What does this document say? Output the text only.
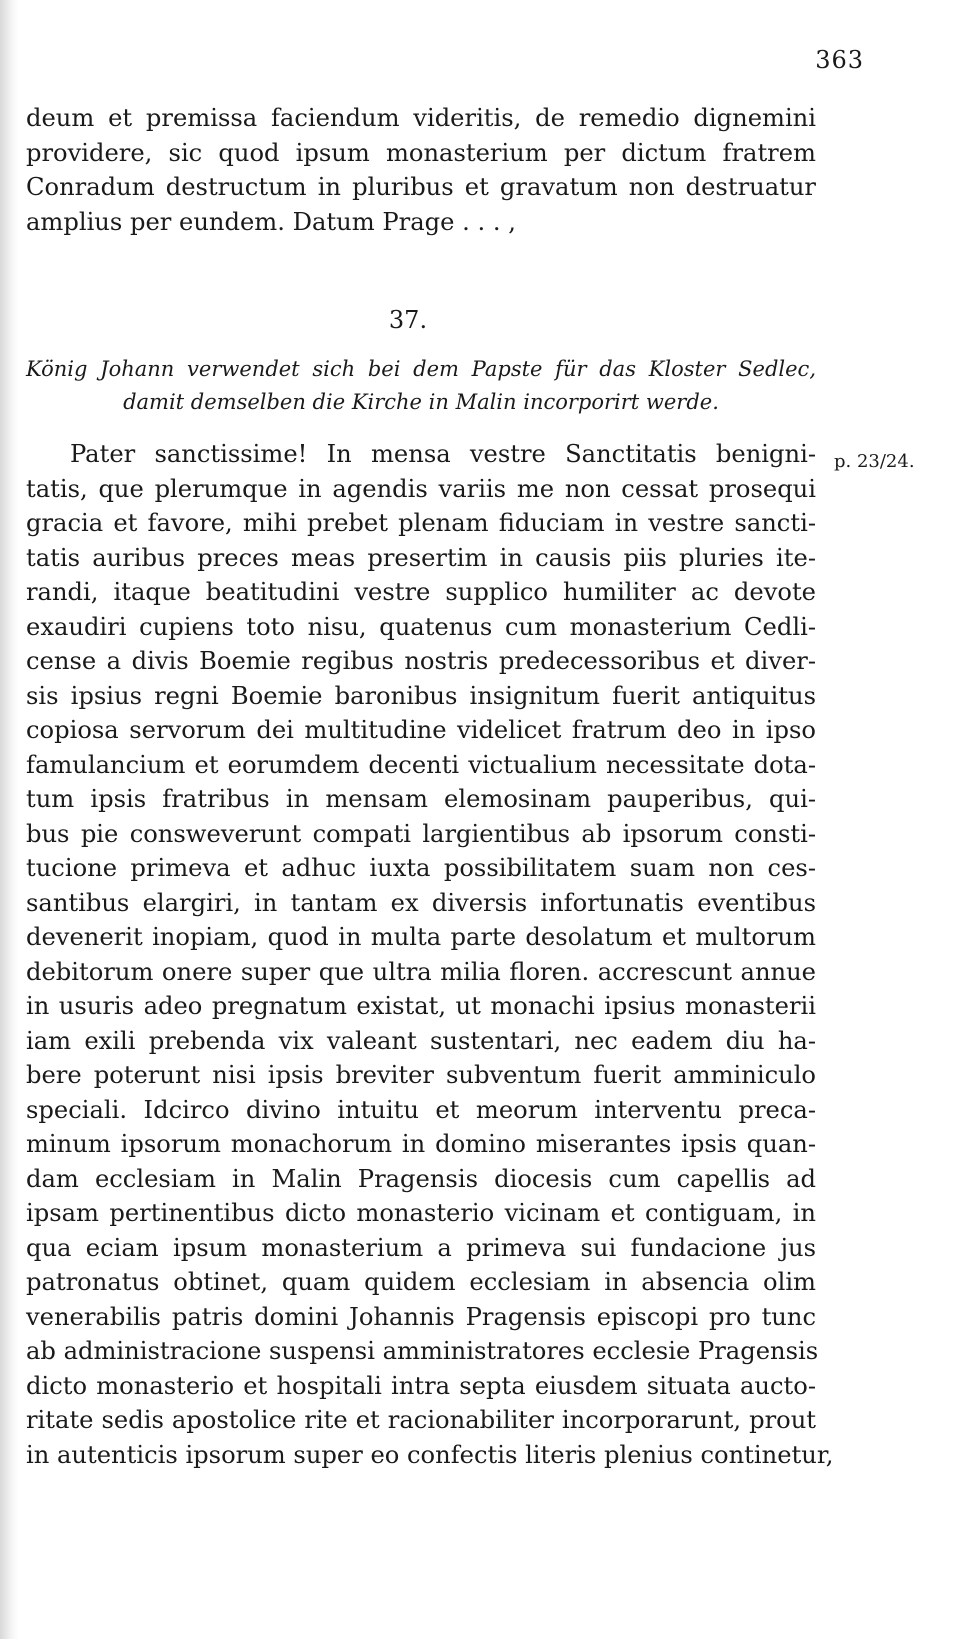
363
deum et premissa faciendum videritis, de remedio dignemini
providere, sic quod ipsum monasterium per dictum fratrem
Conradum destructum in pluribus et gravatum non destruatur
amplius per eundem. Datum Prage . . . ,
37.
König Johann verwendet sich bei dem Papste für das Kloster Sedlec,
damit demselben die Kirche in Malin incorporirt werde.
p. 23/24.
Pater sanctissime! In mensa vestre Sanctitatis benigni-
tatis, que plerumque in agendis variis me non cessat prosequi
gracia et favore, mihi prebet plenam fiduciam in vestre sancti-
tatis auribus preces meas presertim in causis piis pluries ite-
randi, itaque beatitudini vestre supplico humiliter ac devote
exaudiri cupiens toto nisu, quatenus cum monasterium Cedli-
cense a divis Boemie regibus nostris predecessoribus et diver-
sis ipsius regni Boemie baronibus insignitum fuerit antiquitus
copiosa servorum dei multitudine videlicet fratrum deo in ipso
famulancium et eorumdem decenti victualium necessitate dota-
tum ipsis fratribus in mensam elemosinam pauperibus, qui-
bus pie consweverunt compati largientibus ab ipsorum consti-
tucione primeva et adhuc iuxta possibilitatem suam non ces-
santibus elargiri, in tantam ex diversis infortunatis eventibus
devenerit inopiam, quod in multa parte desolatum et multorum
debitorum onere super que ultra milia floren. accrescunt annue
in usuris adeo pregnatum existat, ut monachi ipsius monasterii
iam exili prebenda vix valeant sustentari, nec eadem diu ha-
bere poterunt nisi ipsis breviter subventum fuerit amminiculo
speciali. Idcirco divino intuitu et meorum interventu preca-
minum ipsorum monachorum in domino miserantes ipsis quan-
dam ecclesiam in Malin Pragensis diocesis cum capellis ad
ipsam pertinentibus dicto monasterio vicinam et contiguam, in
qua eciam ipsum monasterium a primeva sui fundacione jus
patronatus obtinet, quam quidem ecclesiam in absencia olim
venerabilis patris domini Johannis Pragensis episcopi pro tunc
ab administracione suspensi amministratores ecclesie Pragensis
dicto monasterio et hospitali intra septa eiusdem situata aucto-
ritate sedis apostolice rite et racionabiliter incorporarunt, prout
in autenticis ipsorum super eo confectis literis plenius continetur,
